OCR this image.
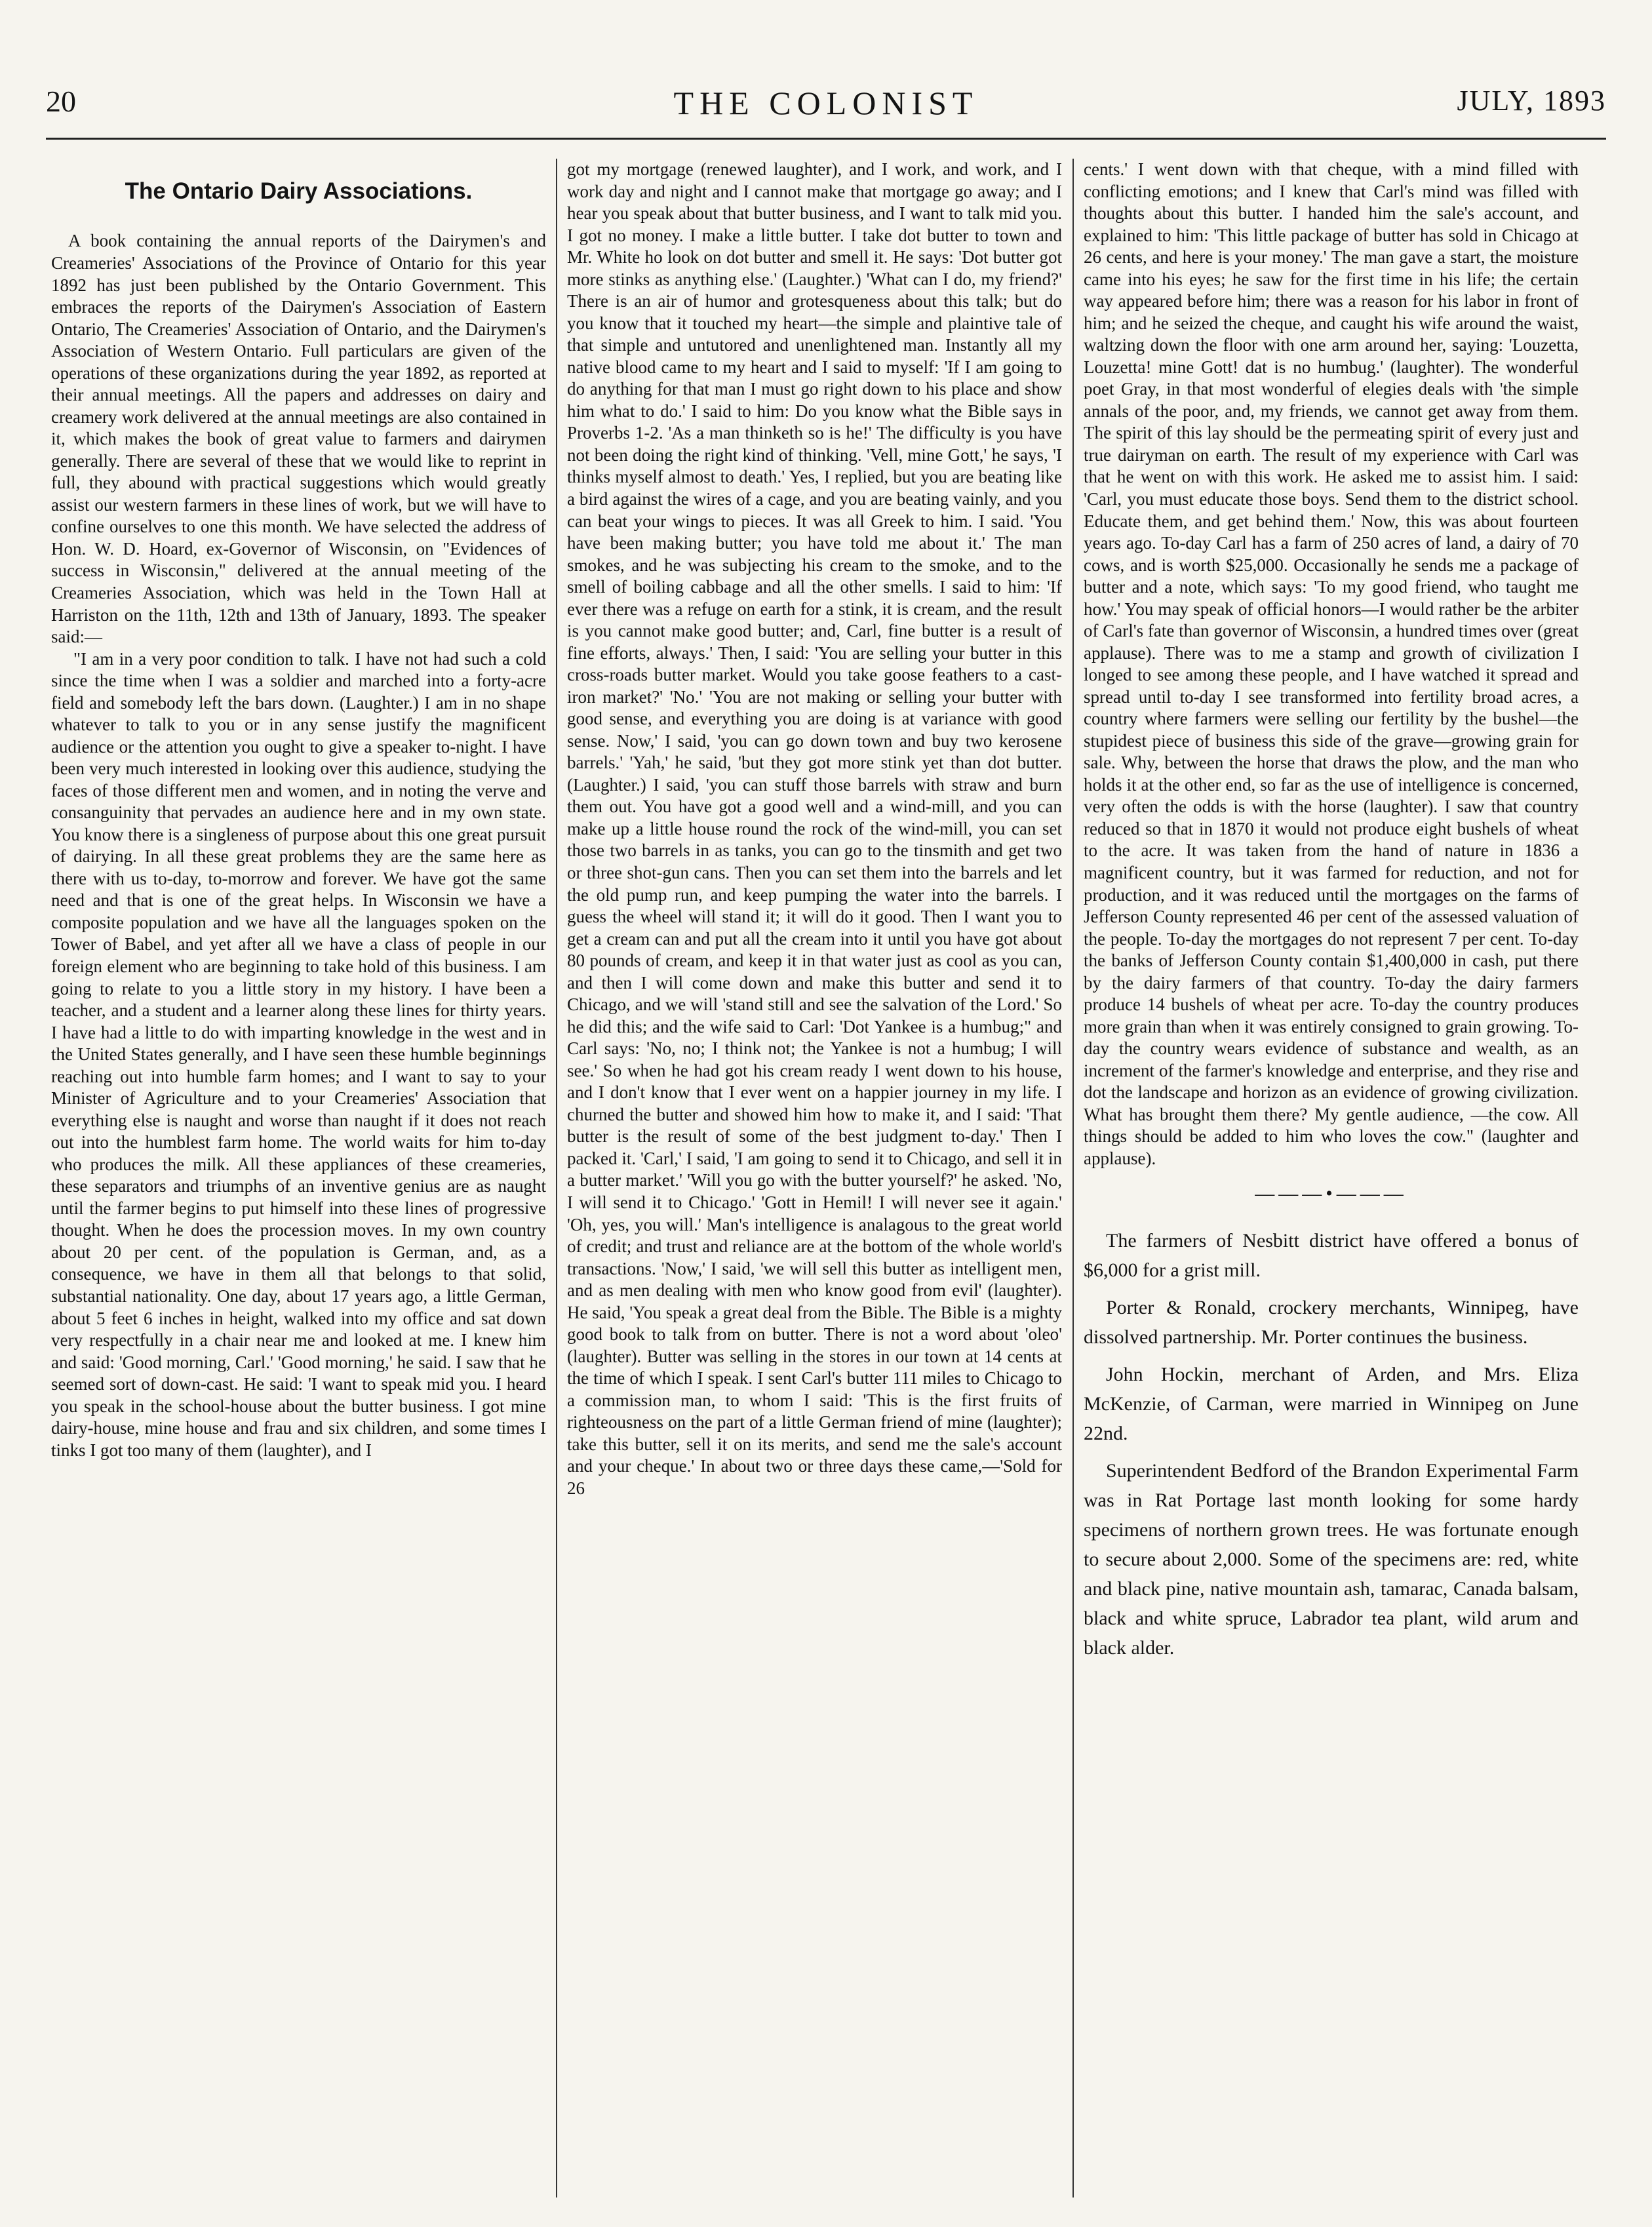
20	THE COLONIST	JULY, 1893
The Ontario Dairy Associations.

A book containing the annual reports of the Dairymen's and Creameries' Associations of the Province of Ontario for this year 1892 has just been published by the Ontario Government. This embraces the reports of the Dairymen's Association of Eastern Ontario, The Creameries' Association of Ontario, and the Dairymen's Association of Western Ontario. Full particulars are given of the operations of these organizations during the year 1892, as reported at their annual meetings. All the papers and addresses on dairy and creamery work delivered at the annual meetings are also contained in it, which makes the book of great value to farmers and dairymen generally. There are several of these that we would like to reprint in full, they abound with practical suggestions which would greatly assist our western farmers in these lines of work, but we will have to confine ourselves to one this month. We have selected the address of Hon. W. D. Hoard, ex-Governor of Wisconsin, on "Evidences of success in Wisconsin," delivered at the annual meeting of the Creameries Association, which was held in the Town Hall at Harriston on the 11th, 12th and 13th of January, 1893. The speaker said:—

"I am in a very poor condition to talk. I have not had such a cold since the time when I was a soldier and marched into a forty-acre field and somebody left the bars down. (Laughter.) I am in no shape whatever to talk to you or in any sense justify the magnificent audience or the attention you ought to give a speaker to-night. I have been very much interested in looking over this audience, studying the faces of those different men and women, and in noting the verve and consanguinity that pervades an audience here and in my own state. You know there is a singleness of purpose about this one great pursuit of dairying. In all these great problems they are the same here as there with us to-day, to-morrow and forever. We have got the same need and that is one of the great helps. In Wisconsin we have a composite population and we have all the languages spoken on the Tower of Babel, and yet after all we have a class of people in our foreign element who are beginning to take hold of this business. I am going to relate to you a little story in my history. I have been a teacher, and a student and a learner along these lines for thirty years. I have had a little to do with imparting knowledge in the west and in the United States generally, and I have seen these humble beginnings reaching out into humble farm homes; and I want to say to your Minister of Agriculture and to your Creameries' Association that everything else is naught and worse than naught if it does not reach out into the humblest farm home. The world waits for him to-day who produces the milk. All these appliances of these creameries, these separators and triumphs of an inventive genius are as naught until the farmer begins to put himself into these lines of progressive thought. When he does the procession moves. In my own country about 20 per cent. of the population is German, and, as a consequence, we have in them all that belongs to that solid, substantial nationality. One day, about 17 years ago, a little German, about 5 feet 6 inches in height, walked into my office and sat down very respectfully in a chair near me and looked at me. I knew him and said: 'Good morning, Carl.' 'Good morning,' he said. I saw that he seemed sort of down-cast. He said: 'I want to speak mid you. I heard you speak in the school-house about the butter business. I got mine dairy-house, mine house and frau and six children, and some times I tinks I got too many of them (laughter), and I

got my mortgage (renewed laughter), and I work, and work, and I work day and night and I cannot make that mortgage go away; and I hear you speak about that butter business, and I want to talk mid you. I got no money. I make a little butter. I take dot butter to town and Mr. White ho look on dot butter and smell it. He says: 'Dot butter got more stinks as anything else.' (Laughter.) 'What can I do, my friend?' There is an air of humor and grotesqueness about this talk; but do you know that it touched my heart—the simple and plaintive tale of that simple and untutored and unenlightened man. Instantly all my native blood came to my heart and I said to myself: 'If I am going to do anything for that man I must go right down to his place and show him what to do.' I said to him: Do you know what the Bible says in Proverbs 1-2. 'As a man thinketh so is he!' The difficulty is you have not been doing the right kind of thinking. 'Vell, mine Gott,' he says, 'I thinks myself almost to death.' Yes, I replied, but you are beating like a bird against the wires of a cage, and you are beating vainly, and you can beat your wings to pieces. It was all Greek to him. I said. 'You have been making butter; you have told me about it.' The man smokes, and he was subjecting his cream to the smoke, and to the smell of boiling cabbage and all the other smells. I said to him: 'If ever there was a refuge on earth for a stink, it is cream, and the result is you cannot make good butter; and, Carl, fine butter is a result of fine efforts, always.' Then, I said: 'You are selling your butter in this cross-roads butter market. Would you take goose feathers to a cast-iron market?' 'No.' 'You are not making or selling your butter with good sense, and everything you are doing is at variance with good sense. Now,' I said, 'you can go down town and buy two kerosene barrels.' 'Yah,' he said, 'but they got more stink yet than dot butter. (Laughter.) I said, 'you can stuff those barrels with straw and burn them out. You have got a good well and a wind-mill, and you can make up a little house round the rock of the wind-mill, you can set those two barrels in as tanks, you can go to the tinsmith and get two or three shot-gun cans. Then you can set them into the barrels and let the old pump run, and keep pumping the water into the barrels. I guess the wheel will stand it; it will do it good. Then I want you to get a cream can and put all the cream into it until you have got about 80 pounds of cream, and keep it in that water just as cool as you can, and then I will come down and make this butter and send it to Chicago, and we will 'stand still and see the salvation of the Lord.' So he did this; and the wife said to Carl: 'Dot Yankee is a humbug;" and Carl says: 'No, no; I think not; the Yankee is not a humbug; I will see.' So when he had got his cream ready I went down to his house, and I don't know that I ever went on a happier journey in my life. I churned the butter and showed him how to make it, and I said: 'That butter is the result of some of the best judgment to-day.' Then I packed it. 'Carl,' I said, 'I am going to send it to Chicago, and sell it in a butter market.' 'Will you go with the butter yourself?' he asked. 'No, I will send it to Chicago.' 'Gott in Hemil! I will never see it again.' 'Oh, yes, you will.' Man's intelligence is analagous to the great world of credit; and trust and reliance are at the bottom of the whole world's transactions. 'Now,' I said, 'we will sell this butter as intelligent men, and as men dealing with men who know good from evil' (laughter). He said, 'You speak a great deal from the Bible. The Bible is a mighty good book to talk from on butter. There is not a word about 'oleo' (laughter). Butter was selling in the stores in our town at 14 cents at the time of which I speak. I sent Carl's butter 111 miles to Chicago to a commission man, to whom I said: 'This is the first fruits of righteousness on the part of a little German friend of mine (laughter); take this butter, sell it on its merits, and send me the sale's account and your cheque.' In about two or three days these came,—'Sold for 26

cents.' I went down with that cheque, with a mind filled with conflicting emotions; and I knew that Carl's mind was filled with thoughts about this butter. I handed him the sale's account, and explained to him: 'This little package of butter has sold in Chicago at 26 cents, and here is your money.' The man gave a start, the moisture came into his eyes; he saw for the first time in his life; the certain way appeared before him; there was a reason for his labor in front of him; and he seized the cheque, and caught his wife around the waist, waltzing down the floor with one arm around her, saying: 'Louzetta, Louzetta! mine Gott! dat is no humbug.' (laughter). The wonderful poet Gray, in that most wonderful of elegies deals with 'the simple annals of the poor, and, my friends, we cannot get away from them. The spirit of this lay should be the permeating spirit of every just and true dairyman on earth. The result of my experience with Carl was that he went on with this work. He asked me to assist him. I said: 'Carl, you must educate those boys. Send them to the district school. Educate them, and get behind them.' Now, this was about fourteen years ago. To-day Carl has a farm of 250 acres of land, a dairy of 70 cows, and is worth $25,000. Occasionally he sends me a package of butter and a note, which says: 'To my good friend, who taught me how.' You may speak of official honors—I would rather be the arbiter of Carl's fate than governor of Wisconsin, a hundred times over (great applause). There was to me a stamp and growth of civilization I longed to see among these people, and I have watched it spread and spread until to-day I see transformed into fertility broad acres, a country where farmers were selling our fertility by the bushel—the stupidest piece of business this side of the grave—growing grain for sale. Why, between the horse that draws the plow, and the man who holds it at the other end, so far as the use of intelligence is concerned, very often the odds is with the horse (laughter). I saw that country reduced so that in 1870 it would not produce eight bushels of wheat to the acre. It was taken from the hand of nature in 1836 a magnificent country, but it was farmed for reduction, and not for production, and it was reduced until the mortgages on the farms of Jefferson County represented 46 per cent of the assessed valuation of the people. To-day the mortgages do not represent 7 per cent. To-day the banks of Jefferson County contain $1,400,000 in cash, put there by the dairy farmers of that country. To-day the dairy farmers produce 14 bushels of wheat per acre. To-day the country produces more grain than when it was entirely consigned to grain growing. To-day the country wears evidence of substance and wealth, as an increment of the farmer's knowledge and enterprise, and they rise and dot the landscape and horizon as an evidence of growing civilization. What has brought them there? My gentle audience, —the cow. All things should be added to him who loves the cow." (laughter and applause).

———•———

The farmers of Nesbitt district have offered a bonus of $6,000 for a grist mill.

Porter & Ronald, crockery merchants, Winnipeg, have dissolved partnership. Mr. Porter continues the business.

John Hockin, merchant of Arden, and Mrs. Eliza McKenzie, of Carman, were married in Winnipeg on June 22nd.

Superintendent Bedford of the Brandon Experimental Farm was in Rat Portage last month looking for some hardy specimens of northern grown trees. He was fortunate enough to secure about 2,000. Some of the specimens are: red, white and black pine, native mountain ash, tamarac, Canada balsam, black and white spruce, Labrador tea plant, wild arum and black alder.
